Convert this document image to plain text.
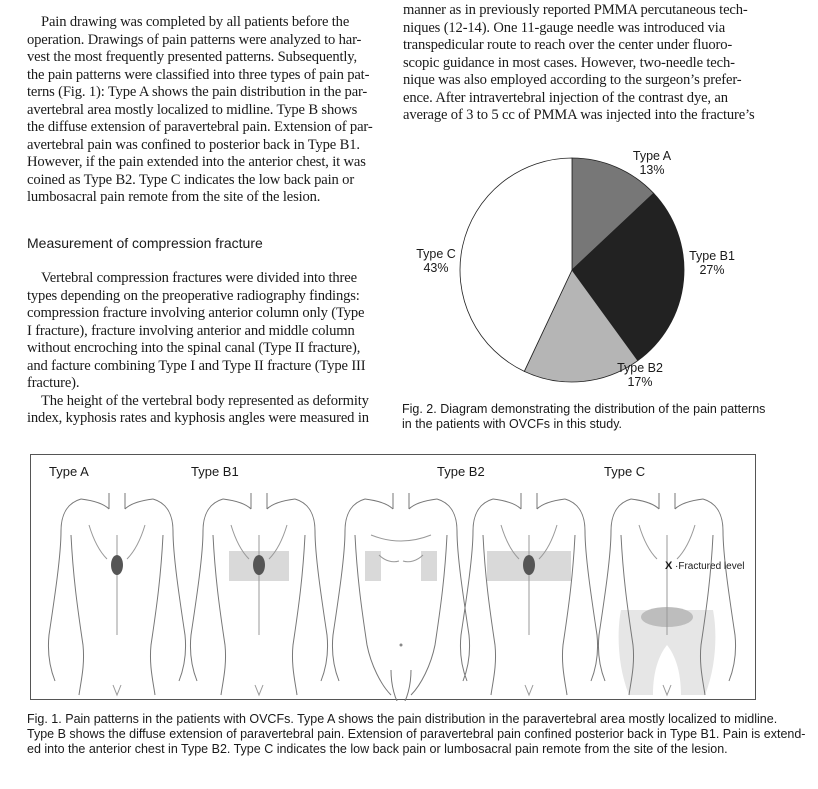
Pain drawing was completed by all patients before the
operation. Drawings of pain patterns were analyzed to har-
vest the most frequently presented patterns. Subsequently,
the pain patterns were classified into three types of pain pat-
terns (Fig. 1): Type A shows the pain distribution in the par-
avertebral area mostly localized to midline. Type B shows
the diffuse extension of paravertebral pain. Extension of par-
avertebral pain was confined to posterior back in Type B1.
However, if the pain extended into the anterior chest, it was
coined as Type B2. Type C indicates the low back pain or
lumbosacral pain remote from the site of the lesion.
Measurement of compression fracture
Vertebral compression fractures were divided into three
types depending on the preoperative radiography findings:
compression fracture involving anterior column only (Type
I fracture), fracture involving anterior and middle column
without encroching into the spinal canal (Type II fracture),
and facture combining Type I and Type II fracture (Type III
fracture).
The height of the vertebral body represented as deformity
index, kyphosis rates and kyphosis angles were measured in
manner as in previously reported PMMA percutaneous tech-
niques (12-14). One 11-gauge needle was introduced via
transpedicular route to reach over the center under fluoro-
scopic guidance in most cases. However, two-needle tech-
nique was also employed according to the surgeon’s prefer-
ence. After intravertebral injection of the contrast dye, an
average of 3 to 5 cc of PMMA was injected into the fracture’s
Type A
13%
Type B1
27%
Type B2
17%
Type C
43%
Fig. 2. Diagram demonstrating the distribution of the pain patterns
in the patients with OVCFs in this study.
Type A	Type B1	Type B2	Type C
X ·Fractured level
Fig. 1. Pain patterns in the patients with OVCFs. Type A shows the pain distribution in the paravertebral area mostly localized to midline.
Type B shows the diffuse extension of paravertebral pain. Extension of paravertebral pain confined posterior back in Type B1. Pain is extend-
ed into the anterior chest in Type B2. Type C indicates the low back pain or lumbosacral pain remote from the site of the lesion.
